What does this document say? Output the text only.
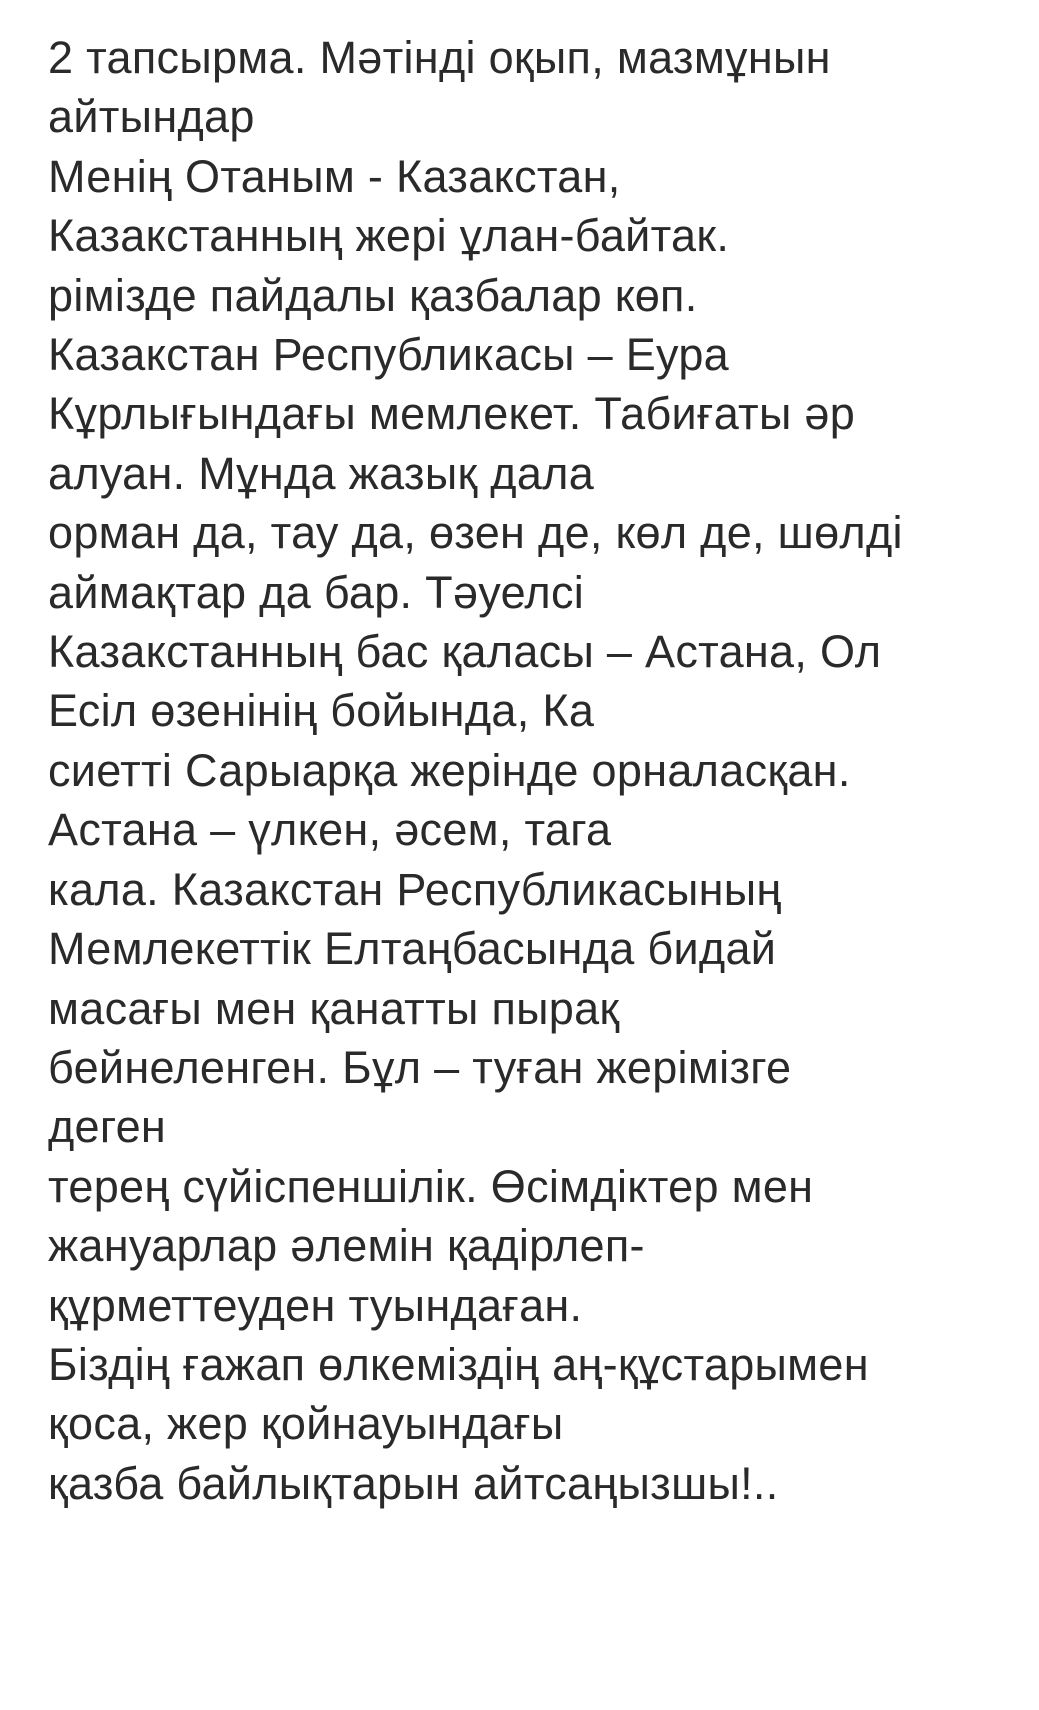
2 тапсырма. Мәтінді оқып, мазмұнын
айтындар
Менің Отаным - Казакстан,
Казакстанның жері ұлан-байтак.
рімізде пайдалы қазбалар көп.
Казакстан Республикасы – Еура
Кұрлығындағы мемлекет. Табиғаты әр
алуан. Мұнда жазық дала
орман да, тау да, өзен де, көл де, шөлді
аймақтар да бар. Тәуелсі
Казакстанның бас қаласы – Астана, Ол
Есіл өзенінің бойында, Ка
сиетті Сарыарқа жерінде орналасқан.
Астана – үлкен, әсем, тага
кала. Казакстан Республикасының
Мемлекеттік Елтаңбасында бидай
масағы мен қанатты пырақ
бейнеленген. Бұл – туған жерімізге
деген
терең сүйіспеншілік. Өсімдіктер мен
жануарлар әлемін қадірлеп-
құрметтеуден туындаған.
Біздің ғажап өлкеміздің аң-құстарымен
қоса, жер қойнауындағы
қазба байлықтарын айтсаңызшы!..
